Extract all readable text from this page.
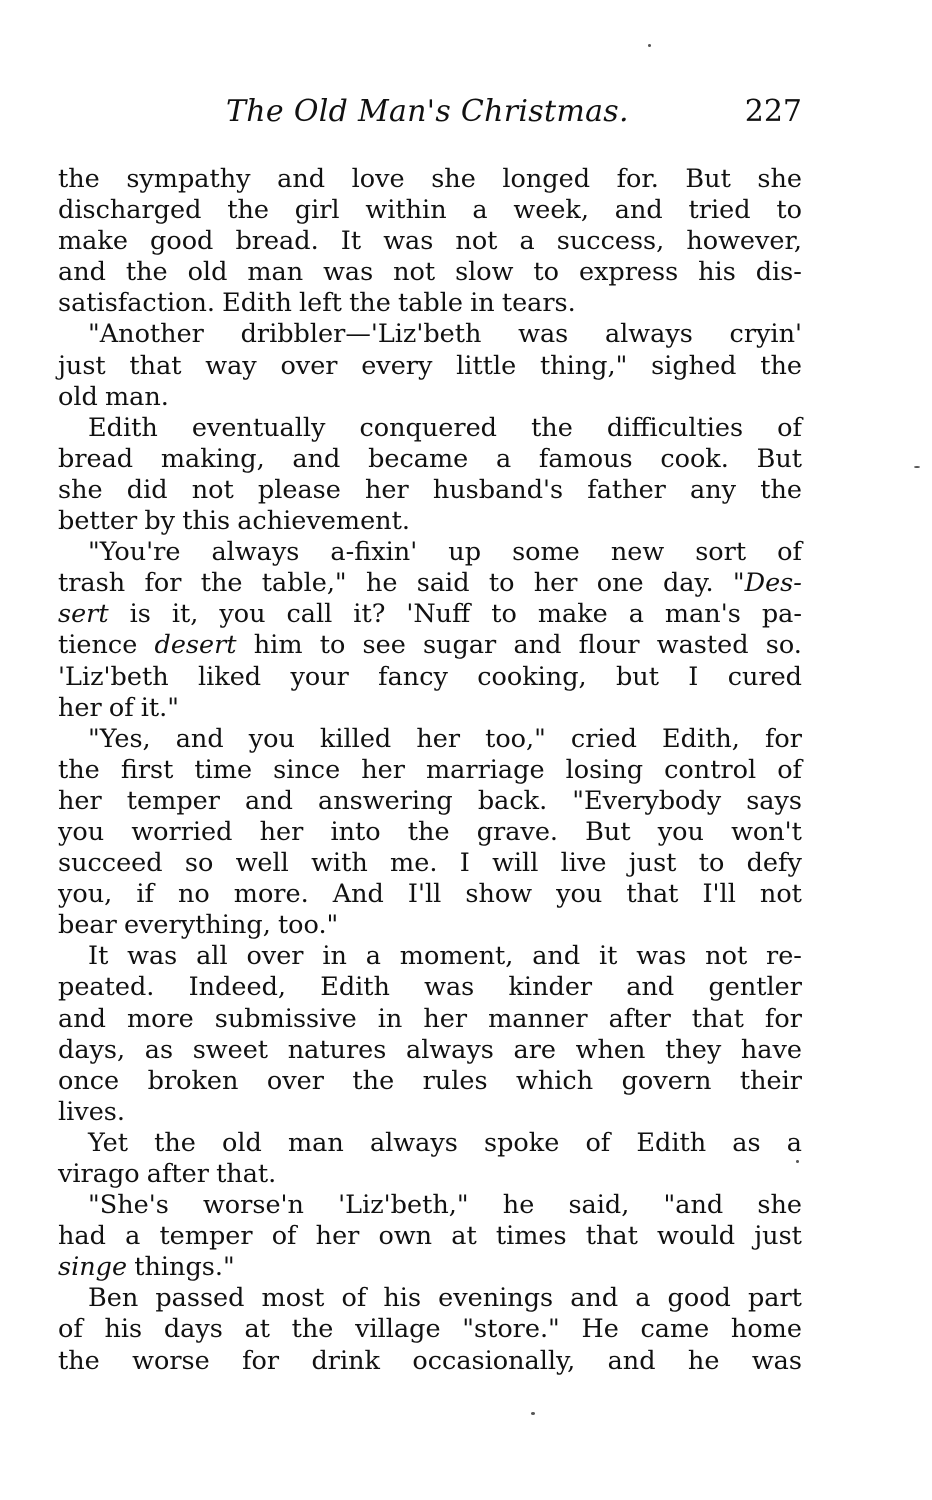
The Old Man's Christmas.	227
the sympathy and love she longed for. But she
discharged the girl within a week, and tried to
make good bread. It was not a success, however,
and the old man was not slow to express his dis-
satisfaction. Edith left the table in tears.
"Another dribbler—'Liz'beth was always cryin'
just that way over every little thing," sighed the
old man.
Edith eventually conquered the difficulties of
bread making, and became a famous cook. But
she did not please her husband's father any the
better by this achievement.
"You're always a-fixin' up some new sort of
trash for the table," he said to her one day. "Des-
sert is it, you call it? 'Nuff to make a man's pa-
tience desert him to see sugar and flour wasted so.
'Liz'beth liked your fancy cooking, but I cured
her of it."
"Yes, and you killed her too," cried Edith, for
the first time since her marriage losing control of
her temper and answering back. "Everybody says
you worried her into the grave. But you won't
succeed so well with me. I will live just to defy
you, if no more. And I'll show you that I'll not
bear everything, too."
It was all over in a moment, and it was not re-
peated. Indeed, Edith was kinder and gentler
and more submissive in her manner after that for
days, as sweet natures always are when they have
once broken over the rules which govern their
lives.
Yet the old man always spoke of Edith as a
virago after that.
"She's worse'n 'Liz'beth," he said, "and she
had a temper of her own at times that would just
singe things."
Ben passed most of his evenings and a good part
of his days at the village "store." He came home
the worse for drink occasionally, and he was
